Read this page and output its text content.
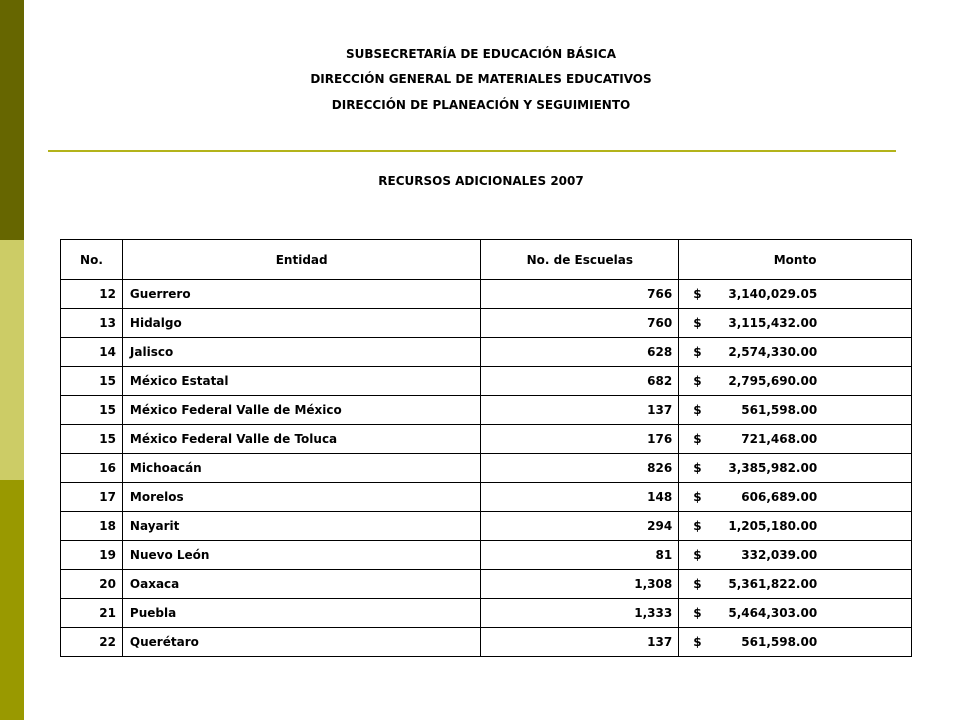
SUBSECRETARÍA DE EDUCACIÓN BÁSICA
DIRECCIÓN GENERAL DE MATERIALES EDUCATIVOS
DIRECCIÓN DE PLANEACIÓN Y SEGUIMIENTO
RECURSOS ADICIONALES 2007
No.	Entidad	No. de Escuelas	Monto
12	Guerrero	766	$ 3,140,029.05
13	Hidalgo	760	$ 3,115,432.00
14	Jalisco	628	$ 2,574,330.00
15	México Estatal	682	$ 2,795,690.00
15	México Federal Valle de México	137	$ 561,598.00
15	México Federal Valle de Toluca	176	$ 721,468.00
16	Michoacán	826	$ 3,385,982.00
17	Morelos	148	$ 606,689.00
18	Nayarit	294	$ 1,205,180.00
19	Nuevo León	81	$ 332,039.00
20	Oaxaca	1,308	$ 5,361,822.00
21	Puebla	1,333	$ 5,464,303.00
22	Querétaro	137	$ 561,598.00
